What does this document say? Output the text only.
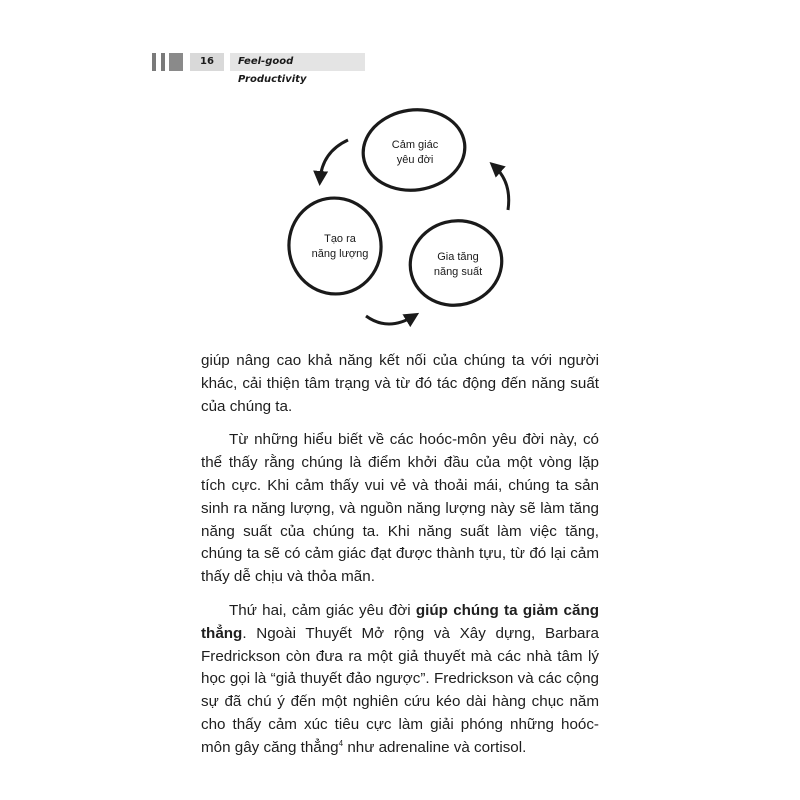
16	Feel-good Productivity
Cảm giác
yêu đời
Tạo ra
năng lượng	Gia tăng
năng suất

giúp nâng cao khả năng kết nối của chúng ta với người khác, cải thiện tâm trạng và từ đó tác động đến năng suất của chúng ta.

Từ những hiểu biết về các hoóc-môn yêu đời này, có thể thấy rằng chúng là điểm khởi đầu của một vòng lặp tích cực. Khi cảm thấy vui vẻ và thoải mái, chúng ta sản sinh ra năng lượng, và nguồn năng lượng này sẽ làm tăng năng suất của chúng ta. Khi năng suất làm việc tăng, chúng ta sẽ có cảm giác đạt được thành tựu, từ đó lại cảm thấy dễ chịu và thỏa mãn.

Thứ hai, cảm giác yêu đời giúp chúng ta giảm căng thẳng. Ngoài Thuyết Mở rộng và Xây dựng, Barbara Fredrickson còn đưa ra một giả thuyết mà các nhà tâm lý học gọi là “giả thuyết đảo ngược”. Fredrickson và các cộng sự đã chú ý đến một nghiên cứu kéo dài hàng chục năm cho thấy cảm xúc tiêu cực làm giải phóng những hoóc-môn gây căng thẳng$^4$ như adrenaline và cortisol.
